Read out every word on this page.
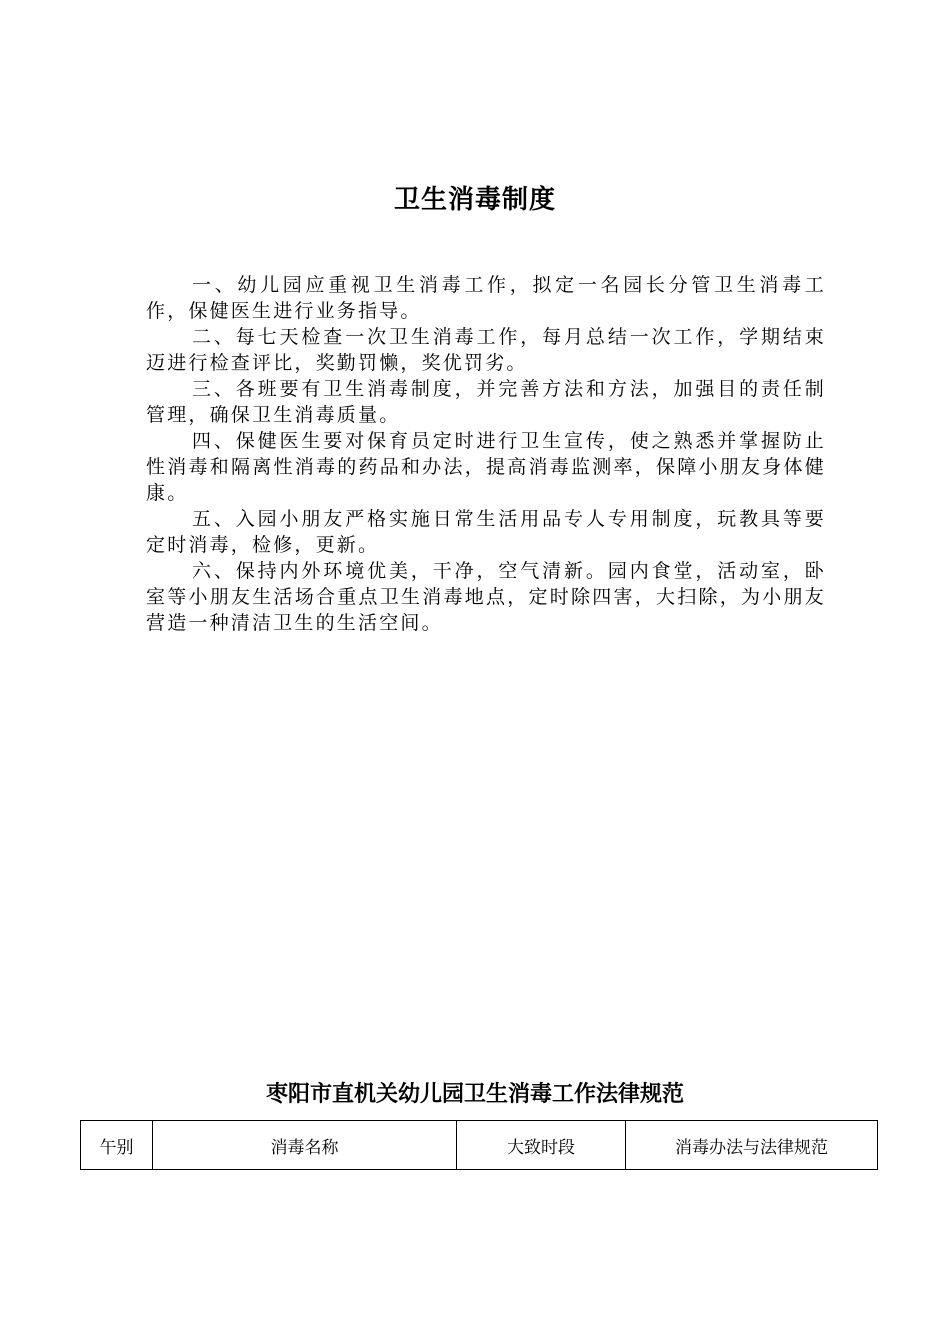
卫生消毒制度

一、幼儿园应重视卫生消毒工作，拟定一名园长分管卫生消毒工作，保健医生进行业务指导。

二、每七天检查一次卫生消毒工作，每月总结一次工作，学期结束迈进行检查评比，奖勤罚懒，奖优罚劣。

三、各班要有卫生消毒制度，并完善方法和方法，加强目的责任制管理，确保卫生消毒质量。

四、保健医生要对保育员定时进行卫生宣传，使之熟悉并掌握防止性消毒和隔离性消毒的药品和办法，提高消毒监测率，保障小朋友身体健康。

五、入园小朋友严格实施日常生活用品专人专用制度，玩教具等要定时消毒，检修，更新。

六、保持内外环境优美，干净，空气清新。园内食堂，活动室，卧室等小朋友生活场合重点卫生消毒地点，定时除四害，大扫除，为小朋友营造一种清洁卫生的生活空间。

枣阳市直机关幼儿园卫生消毒工作法律规范
午别	消毒名称	大致时段	消毒办法与法律规范
